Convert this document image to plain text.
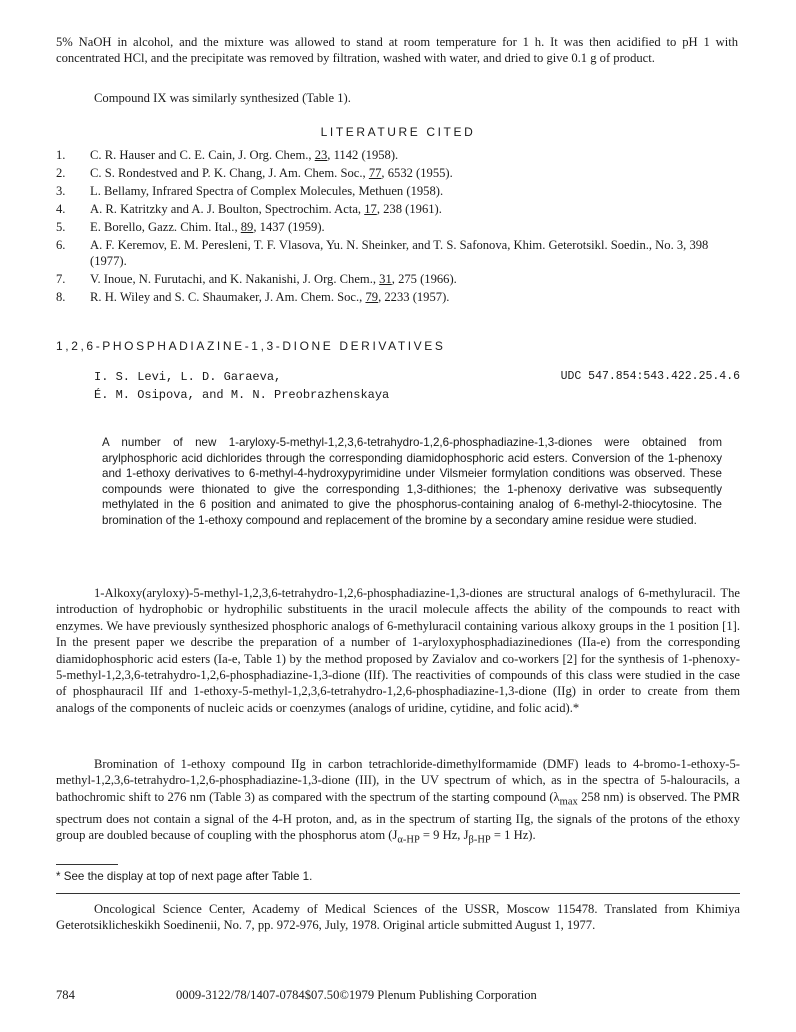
5% NaOH in alcohol, and the mixture was allowed to stand at room temperature for 1 h. It was then acidified to pH 1 with concentrated HCl, and the precipitate was removed by filtration, washed with water, and dried to give 0.1 g of product.

Compound IX was similarly synthesized (Table 1).

LITERATURE CITED
1.	C. R. Hauser and C. E. Cain, J. Org. Chem., 23, 1142 (1958).
2.	C. S. Rondestved and P. K. Chang, J. Am. Chem. Soc., 77, 6532 (1955).
3.	L. Bellamy, Infrared Spectra of Complex Molecules, Methuen (1958).
4.	A. R. Katritzky and A. J. Boulton, Spectrochim. Acta, 17, 238 (1961).
5.	E. Borello, Gazz. Chim. Ital., 89, 1437 (1959).
6.	A. F. Keremov, E. M. Peresleni, T. F. Vlasova, Yu. N. Sheinker, and T. S. Safonova, Khim. Geterotsikl. Soedin., No. 3, 398 (1977).
7.	V. Inoue, N. Furutachi, and K. Nakanishi, J. Org. Chem., 31, 275 (1966).
8.	R. H. Wiley and S. C. Shaumaker, J. Am. Chem. Soc., 79, 2233 (1957).
1,2,6-PHOSPHADIAZINE-1,3-DIONE DERIVATIVES
I. S. Levi, L. D. Garaeva,
É. M. Osipova, and M. N. Preobrazhenskaya
UDC 547.854:543.422.25.4.6

A number of new 1-aryloxy-5-methyl-1,2,3,6-tetrahydro-1,2,6-phosphadiazine-1,3-diones were obtained from arylphosphoric acid dichlorides through the corresponding diamidophosphoric acid esters. Conversion of the 1-phenoxy and 1-ethoxy derivatives to 6-methyl-4-hydroxypyrimidine under Vilsmeier formylation conditions was observed. These compounds were thionated to give the corresponding 1,3-dithiones; the 1-phenoxy derivative was subsequently methylated in the 6 position and animated to give the phosphorus-containing analog of 6-methyl-2-thiocytosine. The bromination of the 1-ethoxy compound and replacement of the bromine by a secondary amine residue were studied.

1-Alkoxy(aryloxy)-5-methyl-1,2,3,6-tetrahydro-1,2,6-phosphadiazine-1,3-diones are structural analogs of 6-methyluracil. The introduction of hydrophobic or hydrophilic substituents in the uracil molecule affects the ability of the compounds to react with enzymes. We have previously synthesized phosphoric analogs of 6-methyluracil containing various alkoxy groups in the 1 position [1]. In the present paper we describe the preparation of a number of 1-aryloxyphosphadiazinediones (IIa-e) from the corresponding diamidophosphoric acid esters (Ia-e, Table 1) by the method proposed by Zavialov and co-workers [2] for the synthesis of 1-phenoxy-5-methyl-1,2,3,6-tetrahydro-1,2,6-phosphadiazine-1,3-dione (IIf). The reactivities of compounds of this class were studied in the case of phosphauracil IIf and 1-ethoxy-5-methyl-1,2,3,6-tetrahydro-1,2,6-phosphadiazine-1,3-dione (IIg) in order to create from them analogs of the components of nucleic acids or coenzymes (analogs of uridine, cytidine, and folic acid).*

Bromination of 1-ethoxy compound IIg in carbon tetrachloride-dimethylformamide (DMF) leads to 4-bromo-1-ethoxy-5-methyl-1,2,3,6-tetrahydro-1,2,6-phosphadiazine-1,3-dione (III), in the UV spectrum of which, as in the spectra of 5-halouracils, a bathochromic shift to 276 nm (Table 3) as compared with the spectrum of the starting compound ($\lambda_{max}$ 258 nm) is observed. The PMR spectrum does not contain a signal of the 4-H proton, and, as in the spectrum of starting IIg, the signals of the protons of the ethoxy group are doubled because of coupling with the phosphorus atom ($J_{\alpha-HP} = 9$ Hz, $J_{\beta-HP} = 1$ Hz).

* See the display at top of next page after Table 1.

Oncological Science Center, Academy of Medical Sciences of the USSR, Moscow 115478. Translated from Khimiya Geterotsiklicheskikh Soedinenii, No. 7, pp. 972-976, July, 1978. Original article submitted August 1, 1977.

784	0009-3122/78/1407-0784$07.50©1979 Plenum Publishing Corporation
